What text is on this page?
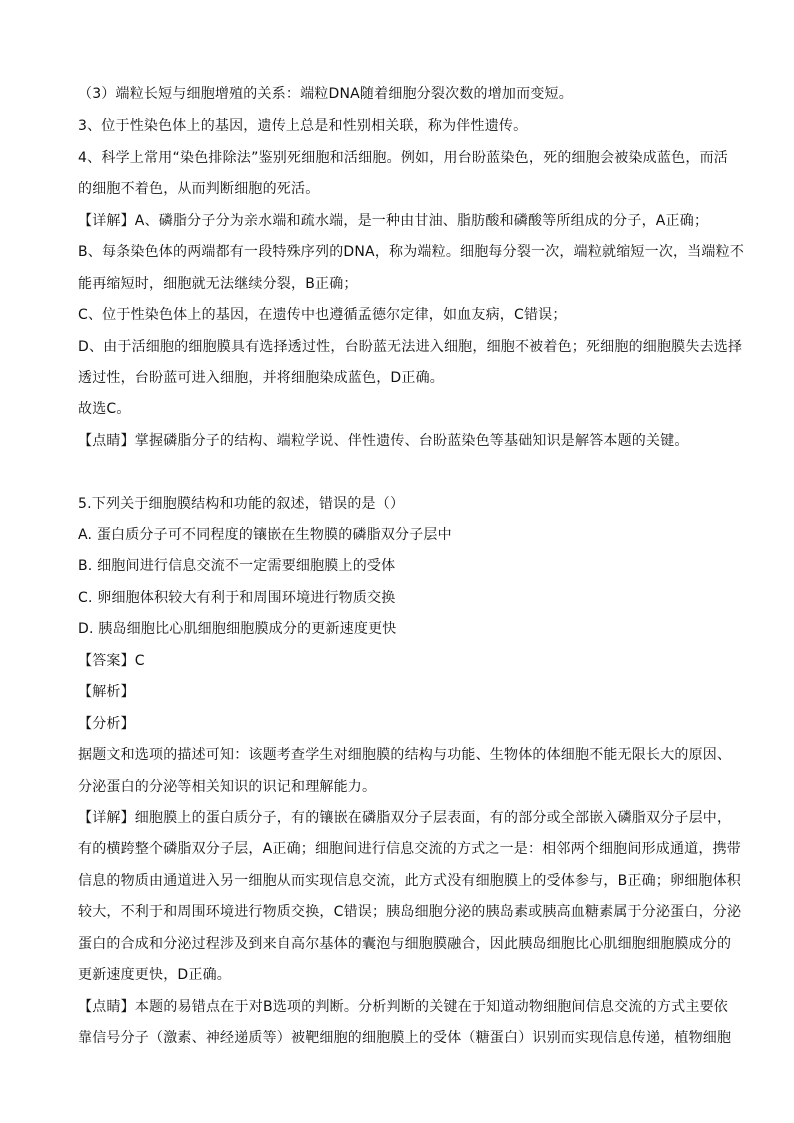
（3）端粒长短与细胞增殖的关系：端粒DNA随着细胞分裂次数的增加而变短。
3、位于性染色体上的基因，遗传上总是和性别相关联，称为伴性遗传。
4、科学上常用“染色排除法”鉴别死细胞和活细胞。例如，用台盼蓝染色，死的细胞会被染成蓝色，而活
的细胞不着色，从而判断细胞的死活。
【详解】A、磷脂分子分为亲水端和疏水端，是一种由甘油、脂肪酸和磷酸等所组成的分子，A正确；
B、每条染色体的两端都有一段特殊序列的DNA，称为端粒。细胞每分裂一次，端粒就缩短一次，当端粒不
能再缩短时，细胞就无法继续分裂，B正确；
C、位于性染色体上的基因，在遗传中也遵循孟德尔定律，如血友病，C错误；
D、由于活细胞的细胞膜具有选择透过性，台盼蓝无法进入细胞，细胞不被着色；死细胞的细胞膜失去选择
透过性，台盼蓝可进入细胞，并将细胞染成蓝色，D正确。
故选C。
【点睛】掌握磷脂分子的结构、端粒学说、伴性遗传、台盼蓝染色等基础知识是解答本题的关键。
5.下列关于细胞膜结构和功能的叙述，错误的是（）
A. 蛋白质分子可不同程度的镶嵌在生物膜的磷脂双分子层中
B. 细胞间进行信息交流不一定需要细胞膜上的受体
C. 卵细胞体积较大有利于和周围环境进行物质交换
D. 胰岛细胞比心肌细胞细胞膜成分的更新速度更快
【答案】C
【解析】
【分析】
据题文和选项的描述可知：该题考查学生对细胞膜的结构与功能、生物体的体细胞不能无限长大的原因、
分泌蛋白的分泌等相关知识的识记和理解能力。
【详解】细胞膜上的蛋白质分子，有的镶嵌在磷脂双分子层表面，有的部分或全部嵌入磷脂双分子层中，
有的横跨整个磷脂双分子层，A正确；细胞间进行信息交流的方式之一是：相邻两个细胞间形成通道，携带
信息的物质由通道进入另一细胞从而实现信息交流，此方式没有细胞膜上的受体参与，B正确；卵细胞体积
较大，不利于和周围环境进行物质交换，C错误；胰岛细胞分泌的胰岛素或胰高血糖素属于分泌蛋白，分泌
蛋白的合成和分泌过程涉及到来自高尔基体的囊泡与细胞膜融合，因此胰岛细胞比心肌细胞细胞膜成分的
更新速度更快，D正确。
【点睛】本题的易错点在于对B选项的判断。分析判断的关键在于知道动物细胞间信息交流的方式主要依
靠信号分子（激素、神经递质等）被靶细胞的细胞膜上的受体（糖蛋白）识别而实现信息传递，植物细胞
